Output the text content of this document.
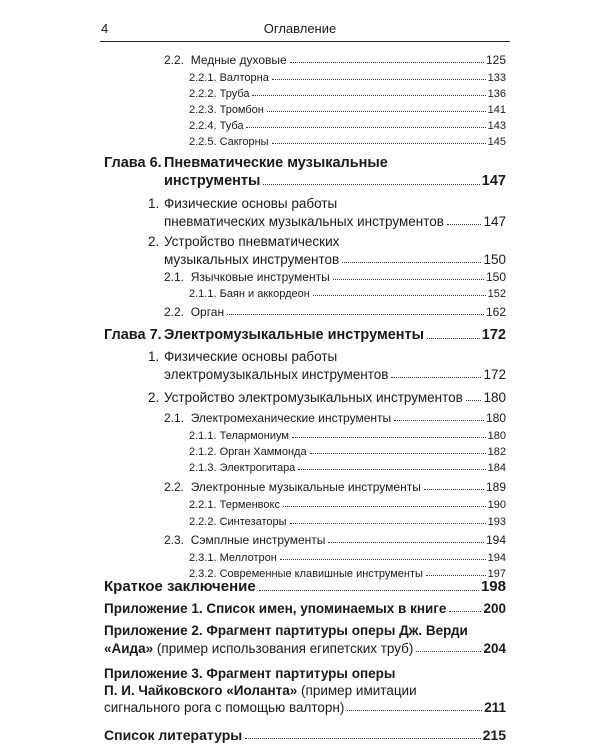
4	Оглавление
2.2. Медные духовые	125
2.2.1. Валторна	133
2.2.2. Труба	136
2.2.3. Тромбон	141
2.2.4. Туба	143
2.2.5. Сакгорны	145
Глава 6. Пневматические музыкальные
инструменты	147
1. Физические основы работы
пневматических музыкальных инструментов	147
2. Устройство пневматических
музыкальных инструментов	150
2.1. Язычковые инструменты	150
2.1.1. Баян и аккордеон	152
2.2. Орган	162
Глава 7. Электромузыкальные инструменты	172
1. Физические основы работы
электромузыкальных инструментов	172
2. Устройство электромузыкальных инструментов 180
2.1. Электромеханические инструменты	180
2.1.1. Телармониум	180
2.1.2. Орган Хаммонда	182
2.1.3. Электрогитара	184
2.2. Электронные музыкальные инструменты	189
2.2.1. Терменвокс	190
2.2.2. Синтезаторы	193
2.3. Сэмплные инструменты	194
2.3.1. Меллотрон	194
2.3.2. Современные клавишные инструменты	197
Краткое заключение	198
Приложение 1. Список имен, упоминаемых в книге	200
Приложение 2. Фрагмент партитуры оперы Дж. Верди
«Аида» (пример использования египетских труб)	204
Приложение 3. Фрагмент партитуры оперы
П. И. Чайковского «Иоланта» (пример имитации
сигнального рога с помощью валторн)	211
Список литературы	215
